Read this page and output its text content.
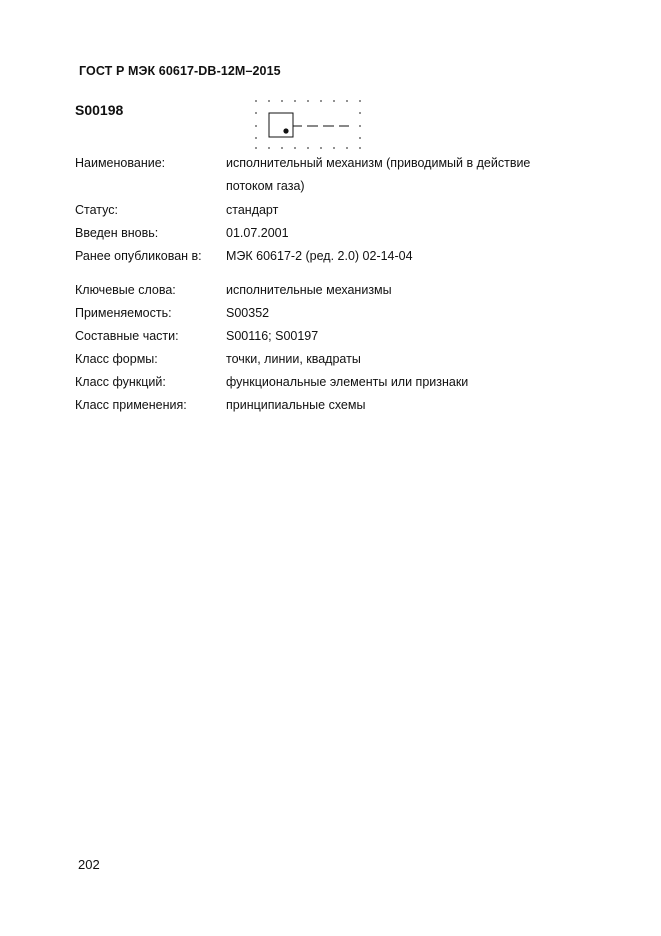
ГОСТ Р МЭК 60617-DB-12M–2015
S00198
Наименование:	исполнительный механизм (приводимый в действие потоком газа)
Статус:	стандарт
Введен вновь:	01.07.2001
Ранее опубликован в: МЭК 60617-2 (ред. 2.0) 02-14-04
Ключевые слова:	исполнительные механизмы
Применяемость:	S00352
Составные части:	S00116; S00197
Класс формы:	точки, линии, квадраты
Класс функций:	функциональные элементы или признаки
Класс применения:	принципиальные схемы
202
